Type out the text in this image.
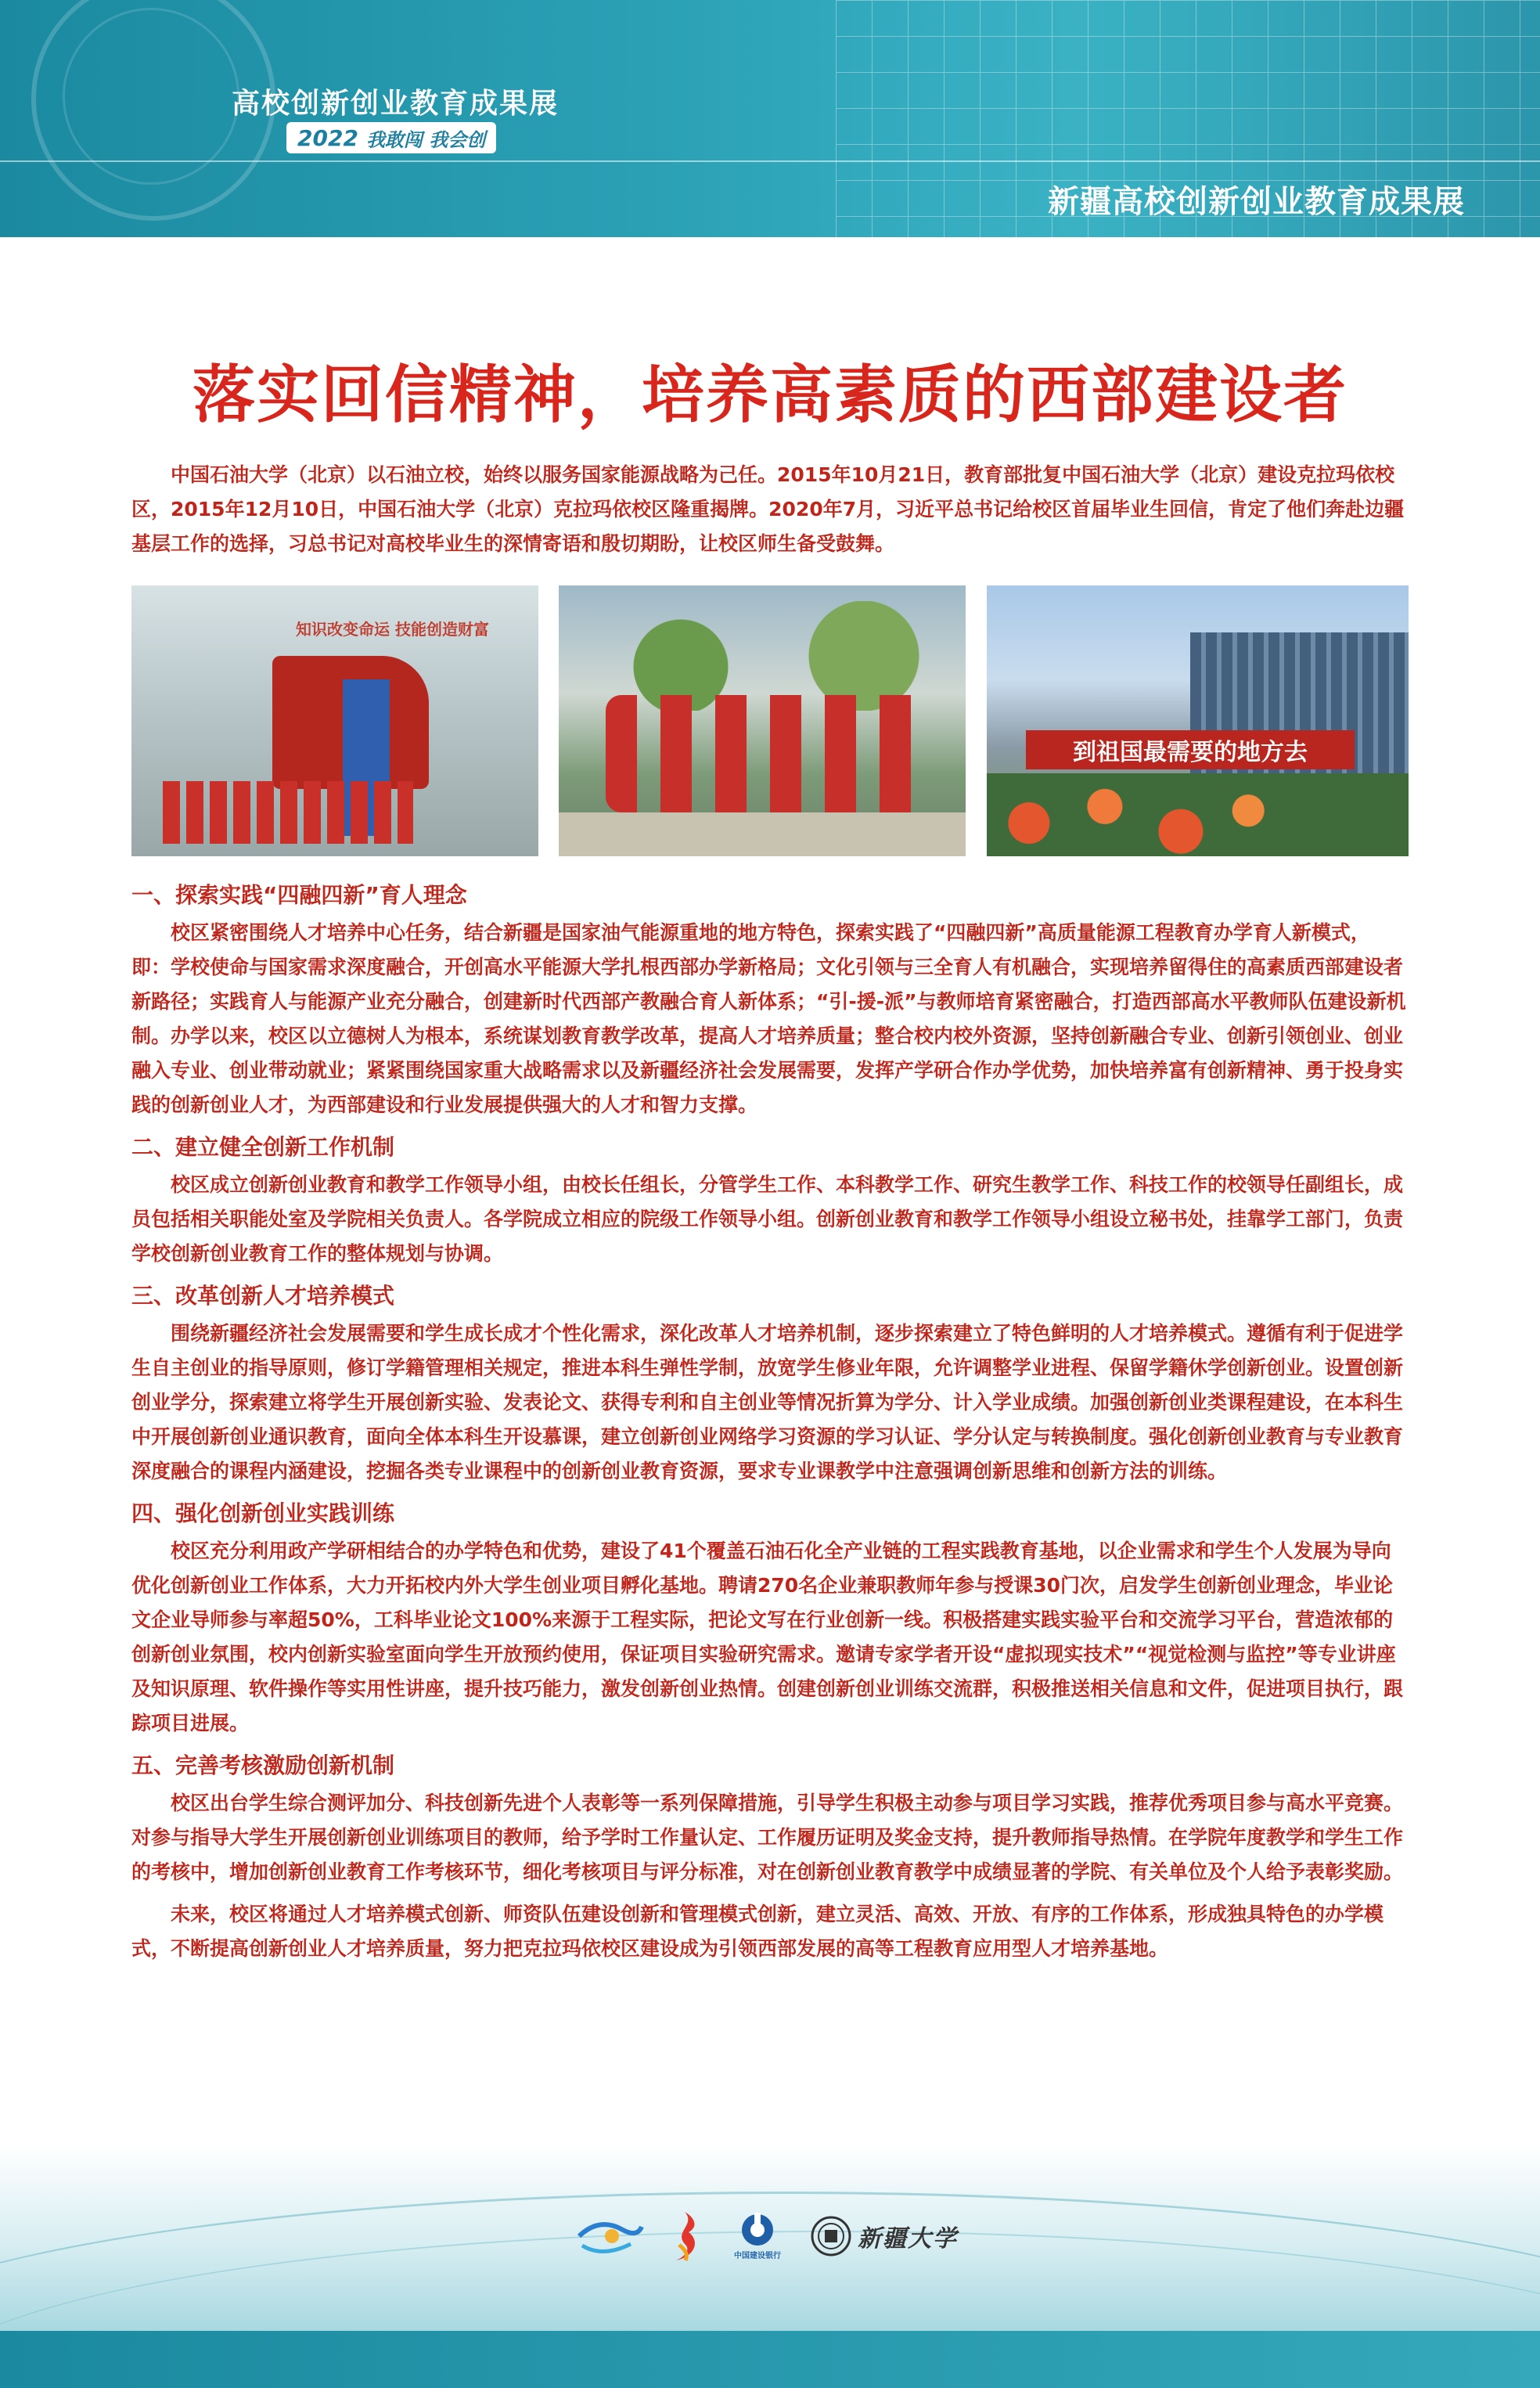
高校创新创业教育成果展
2022 我敢闯 我会创
新疆高校创新创业教育成果展
落实回信精神，培养高素质的西部建设者

中国石油大学（北京）以石油立校，始终以服务国家能源战略为己任。2015年10月21日，教育部批复中国石油大学（北京）建设克拉玛依校区，2015年12月10日，中国石油大学（北京）克拉玛依校区隆重揭牌。2020年7月，习近平总书记给校区首届毕业生回信，肯定了他们奔赴边疆基层工作的选择，习总书记对高校毕业生的深情寄语和殷切期盼，让校区师生备受鼓舞。

知识改变命运 技能创造财富
到祖国最需要的地方去
一、探索实践“四融四新”育人理念

校区紧密围绕人才培养中心任务，结合新疆是国家油气能源重地的地方特色，探索实践了“四融四新”高质量能源工程教育办学育人新模式，即：学校使命与国家需求深度融合，开创高水平能源大学扎根西部办学新格局；文化引领与三全育人有机融合，实现培养留得住的高素质西部建设者新路径；实践育人与能源产业充分融合，创建新时代西部产教融合育人新体系；“引-援-派”与教师培育紧密融合，打造西部高水平教师队伍建设新机制。办学以来，校区以立德树人为根本，系统谋划教育教学改革，提高人才培养质量；整合校内校外资源，坚持创新融合专业、创新引领创业、创业融入专业、创业带动就业；紧紧围绕国家重大战略需求以及新疆经济社会发展需要，发挥产学研合作办学优势，加快培养富有创新精神、勇于投身实践的创新创业人才，为西部建设和行业发展提供强大的人才和智力支撑。

二、建立健全创新工作机制

校区成立创新创业教育和教学工作领导小组，由校长任组长，分管学生工作、本科教学工作、研究生教学工作、科技工作的校领导任副组长，成员包括相关职能处室及学院相关负责人。各学院成立相应的院级工作领导小组。创新创业教育和教学工作领导小组设立秘书处，挂靠学工部门，负责学校创新创业教育工作的整体规划与协调。

三、改革创新人才培养模式

围绕新疆经济社会发展需要和学生成长成才个性化需求，深化改革人才培养机制，逐步探索建立了特色鲜明的人才培养模式。遵循有利于促进学生自主创业的指导原则，修订学籍管理相关规定，推进本科生弹性学制，放宽学生修业年限，允许调整学业进程、保留学籍休学创新创业。设置创新创业学分，探索建立将学生开展创新实验、发表论文、获得专利和自主创业等情况折算为学分、计入学业成绩。加强创新创业类课程建设，在本科生中开展创新创业通识教育，面向全体本科生开设慕课，建立创新创业网络学习资源的学习认证、学分认定与转换制度。强化创新创业教育与专业教育深度融合的课程内涵建设，挖掘各类专业课程中的创新创业教育资源，要求专业课教学中注意强调创新思维和创新方法的训练。

四、强化创新创业实践训练

校区充分利用政产学研相结合的办学特色和优势，建设了41个覆盖石油石化全产业链的工程实践教育基地，以企业需求和学生个人发展为导向优化创新创业工作体系，大力开拓校内外大学生创业项目孵化基地。聘请270名企业兼职教师年参与授课30门次，启发学生创新创业理念，毕业论文企业导师参与率超50%，工科毕业论文100%来源于工程实际，把论文写在行业创新一线。积极搭建实践实验平台和交流学习平台，营造浓郁的创新创业氛围，校内创新实验室面向学生开放预约使用，保证项目实验研究需求。邀请专家学者开设“虚拟现实技术”“视觉检测与监控”等专业讲座及知识原理、软件操作等实用性讲座，提升技巧能力，激发创新创业热情。创建创新创业训练交流群，积极推送相关信息和文件，促进项目执行，跟踪项目进展。

五、完善考核激励创新机制

校区出台学生综合测评加分、科技创新先进个人表彰等一系列保障措施，引导学生积极主动参与项目学习实践，推荐优秀项目参与高水平竞赛。对参与指导大学生开展创新创业训练项目的教师，给予学时工作量认定、工作履历证明及奖金支持，提升教师指导热情。在学院年度教学和学生工作的考核中，增加创新创业教育工作考核环节，细化考核项目与评分标准，对在创新创业教育教学中成绩显著的学院、有关单位及个人给予表彰奖励。

未来，校区将通过人才培养模式创新、师资队伍建设创新和管理模式创新，建立灵活、高效、开放、有序的工作体系，形成独具特色的办学模式，不断提高创新创业人才培养质量，努力把克拉玛依校区建设成为引领西部发展的高等工程教育应用型人才培养基地。

中国建设银行
新疆大学
